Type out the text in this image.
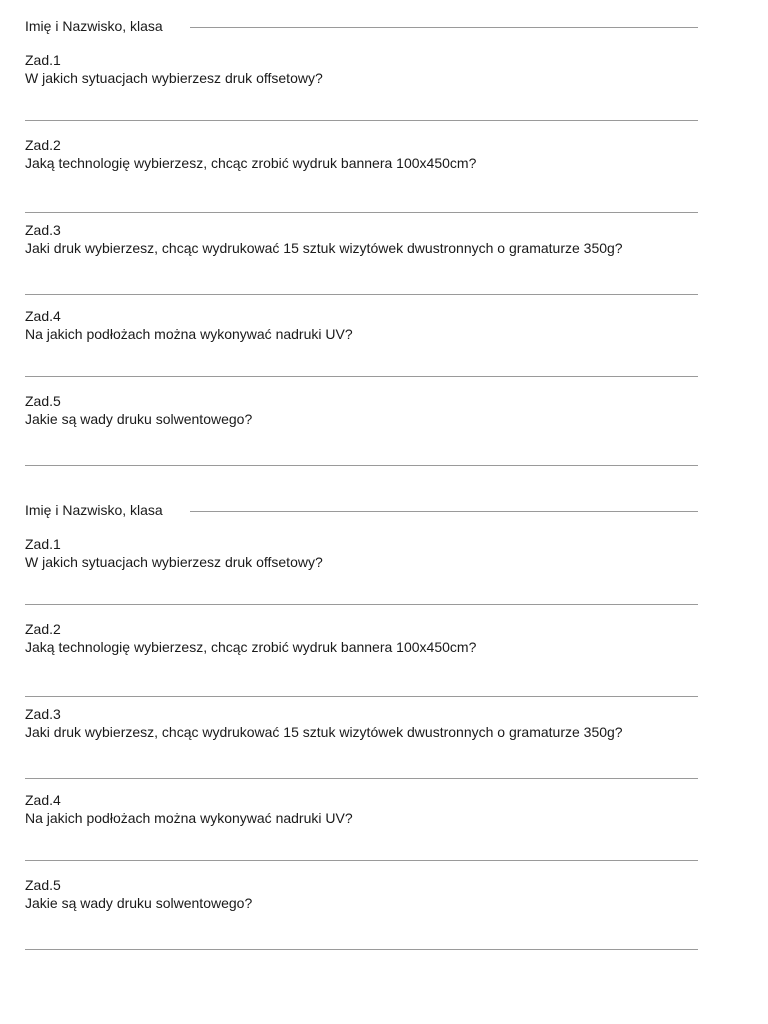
Imię i Nazwisko, klasa
Zad.1
W jakich sytuacjach wybierzesz druk offsetowy?
Zad.2
Jaką technologię wybierzesz, chcąc zrobić wydruk bannera 100x450cm?
Zad.3
Jaki druk wybierzesz, chcąc wydrukować 15 sztuk wizytówek dwustronnych o gramaturze 350g?
Zad.4
Na jakich podłożach można wykonywać nadruki UV?
Zad.5
Jakie są wady druku solwentowego?
Imię i Nazwisko, klasa
Zad.1
W jakich sytuacjach wybierzesz druk offsetowy?
Zad.2
Jaką technologię wybierzesz, chcąc zrobić wydruk bannera 100x450cm?
Zad.3
Jaki druk wybierzesz, chcąc wydrukować 15 sztuk wizytówek dwustronnych o gramaturze 350g?
Zad.4
Na jakich podłożach można wykonywać nadruki UV?
Zad.5
Jakie są wady druku solwentowego?
